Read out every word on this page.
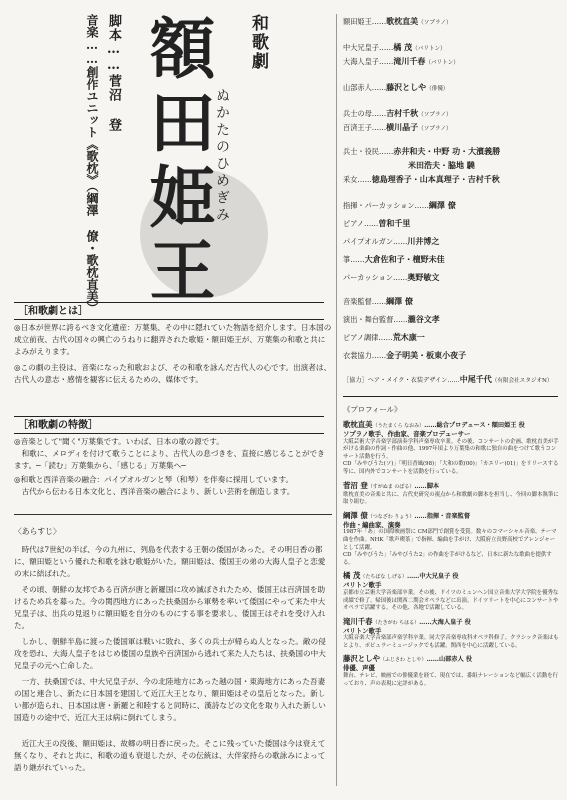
和歌劇
脚本……菅沼 登
音楽……創作ユニット《歌枕》（綱澤 僚・歌枕直美） 額田姫王
ぬかたのひめぎみ
［和歌劇とは］
◎日本が世界に誇るべき文化遺産：万葉集、その中に隠れていた物語を紹介します。日本国の成立前夜、古代の国々の興亡のうねりに翻弄された歌姫・額田姫王が、万葉集の和歌と共によみがえります。
◎この劇の主役は、音楽になった和歌および、その和歌を詠んだ古代人の心です。出演者は、古代人の意志・感情を観客に伝えるための、媒体です。
［和歌劇の特徴］
◎音楽として"聞く"万葉集です。いわば、日本の歌の源です。
　和歌に、メロディを付けて歌うことにより、古代人の息づきを、直接に感じることができます。─「読む」万葉集から、「感じる」万葉集へ─
◎和歌と西洋音楽の融合：パイプオルガンと琴（和琴）を伴奏に採用しています。
　古代から伝わる日本文化と、西洋音楽の融合により、新しい芸術を創造します。
〈あらすじ〉
　時代は7世紀の半ば、今の九州に、列島を代表する王朝の倭国があった。その明日香の都に、額田姫という優れた和歌を詠む歌姫がいた。額田姫は、倭国王の弟の大海人皇子と恋愛の末に結ばれた。
　その頃、朝鮮の友邦である百済が唐と新羅国に攻め滅ぼされたため、倭国王は百済国を助けるため兵を募った。今の関西地方にあった扶桑国から軍勢を率いて倭国にやって来た中大兄皇子は、出兵の見返りに額田姫を自分のものにする事を要求し、倭国王はそれを受け入れた。
　しかし、朝鮮半島に渡った倭国軍は戦いに敗れ、多くの兵士が帰らぬ人となった。敵の侵攻を恐れ、大海人皇子をはじめ倭国の皇族や百済国から逃れて来た人たちは、扶桑国の中大兄皇子の元へ亡命した。
　一方、扶桑国では、中大兄皇子が、今の北陸地方にあった越の国・東海地方にあった吾妻の国と連合し、新たに日本国を建国して近江大王となり、額田姫はその皇后となった。新しい都が造られ、日本国は唐・新羅と和睦すると同時に、漢詩などの文化を取り入れた新しい国造りの途中で、近江大王は病に倒れてしまう。
　近江大王の没後、額田姫は、故郷の明日香に戻った。そこに残っていた倭国は今は衰えて無くなり、それと共に、和歌の道も衰退したが、その伝統は、大伴家持らの歌詠みによって語り継がれていった。
額田姫王……歌枕直美（ソプラノ）
中大兄皇子……橘 茂（バリトン）
大海人皇子……滝川千春（バリトン）
山部赤人……藤沢としや（俳優）
兵士の母……吉村千秋（ソプラノ）
百済王子……横川晶子（ソプラノ）
兵士・役民……赤井和夫・中野 功・大濱義勝
米田浩夫・脇地 驍
釆女……徳島理香子・山本真理子・吉村千秋
指揮・パーカッション……綱澤 僚
ピアノ……曽和千里
パイプオルガン……川井博之
箏……大倉佐和子・檀野未佳
パーカッション……奥野敏文
音楽監督……綱澤 僚
演出・舞台監督……瀧谷文孝
ピアノ調律……荒木康一
衣裳協力……金子明美・板東小夜子
［協力］ヘア・メイク・衣装デザイン……中尾千代（有限会社スタジオN）
《プロフィール》
歌枕直美（うたまくら なおみ）……総合プロデュース・額田姫王 役
ソプラノ歌手、作曲家、音楽プロデューサー
大阪芸術大学音楽学部演奏学科声楽専攻卒業。その後、コンサートの企画、歌枕直美が手がける楽曲の作詞・作曲の他、1997年頃より万葉集の和歌に独自の曲をつけて歌うコンサート活動を行う。
CD「みやびうた(ソ)」「明日香風(98)」「大和の歌(00)」「カエリー(01)」をリリースする等に、国内外でコンサートを活動を行っている。
菅沼 登（すがぬま のぼる）……脚本
歌枕直美の音楽と共に、古代史研究の視点から和歌劇の脚本を担当し、今回の脚本執筆に取り組む。
綱澤 僚（つなざわ りょう）……指揮・音楽監督
作曲・編曲家、演奏
1987年「あ」の国際映画祭に CM部門で創賞を受賞。数々のコマーシャル音楽、テーマ曲を作曲。NHK「歌声喫茶」で指揮、編曲を手がけ、大阪府立長野高校でアレンジャーとして活躍。
CD「みやびうた」「みやびうた2」の作曲を手がけるなど、日本に新たな歌曲を提供する。
橘 茂（たちばな しげる）……中大兄皇子 役
バリトン歌手
京都市立芸術大学音楽部卒業。その後、ドイツのミュンヘン国立音楽大学大学院を優秀な成績で修了。帰国後は関西二期会オペラなどに出演。ドイツリートを中心にコンサートやオペラで活躍する。その他、各地で活躍している。
滝川千春（たきがわ ちはる）……大海人皇子 役
バリトン歌手
大阪音楽大学音楽部声楽学科卒業。同大学音楽専攻科オペラ科修了。クラシック音楽はもとより、ポピュラーミュージックでも活躍。関西を中心に活躍している。
藤沢としや（ふじさわ としや）……山部赤人 役
俳優、声優
舞台、テレビ、映画での俳優業を経て、現在では、番組ナレーションなど幅広く活動を行っており、声の表現に定評がある。
